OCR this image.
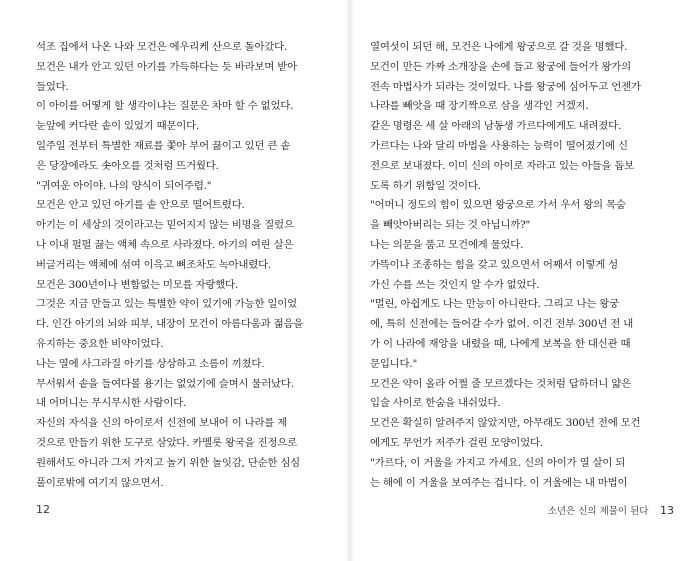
석조 집에서 나온 나와 모건은 에우리케 산으로 돌아갔다.
모건은 내가 안고 있던 아기를 가득하다는 듯 바라보며 받아
들었다.
이 아이를 어떻게 할 생각이냐는 질문은 차마 할 수 없었다.
눈앞에 커다란 솥이 있었기 때문이다.
일주일 전부터 특별한 재료를 쫓아 부어 끓이고 있던 큰 솥
은 당장에라도 솟아오를 것처럼 뜨거웠다.
"귀여운 아이야. 나의 양식이 되어주렴."
모건은 안고 있던 아기를 솥 안으로 떨어트렸다.
아기는 이 세상의 것이라고는 믿어지지 않는 비명을 질렀으
나 이내 펄펄 끓는 액체 속으로 사라졌다. 아기의 여린 살은
버글거리는 액체에 섞여 이윽고 뼈조차도 녹아내렸다.
모건은 300년이나 변함없는 미모를 자랑했다.
그것은 지금 만들고 있는 특별한 약이 있기에 가능한 일이었
다. 인간 아기의 뇌와 피부, 내장이 모건이 아름다움과 젊음을
유지하는 중요한 비약이었다.
나는 열에 사그라질 아기를 상상하고 소름이 끼쳤다.
무서워서 솥을 들여다볼 용기는 없었기에 슬며시 물러났다.
내 어머니는 무시무시한 사람이다.
자신의 자식을 신의 아이로서 신전에 보내어 이 나라를 제
것으로 만들기 위한 도구로 삼았다. 카멜롯 왕국을 진정으로
원해서도 아니라 그저 가지고 놀기 위한 놀잇감, 단순한 심심
풀이로밖에 여기지 않으면서.
12
열여섯이 되던 해, 모건은 나에게 왕궁으로 갈 것을 명했다.
모건이 만든 가짜 소개장을 손에 들고 왕궁에 들어가 왕가의
전속 마법사가 되라는 것이었다. 나를 왕궁에 심어두고 언젠가
나라를 빼앗을 때 장기짝으로 삼을 생각인 거겠지.
같은 명령은 세 살 아래의 남동생 가르다에게도 내려졌다.
가르다는 나와 달리 마법을 사용하는 능력이 떨어졌기에 신
전으로 보내졌다. 이미 신의 아이로 자라고 있는 아들을 돕보
도록 하기 위함일 것이다.
"어머니 정도의 힘이 있으면 왕궁으로 가서 우서 왕의 목숨
을 빼앗아버리는 되는 것 아닙니까?"
나는 의문을 품고 모건에게 물었다.
가뜩이나 조종하는 힘을 갖고 있으면서 어째서 이렇게 성
가신 수를 쓰는 것인지 알 수가 없었다.
"멀린, 아쉽게도 나는 만능이 아니란다. 그리고 나는 왕궁
에, 특히 신전에는 들어갈 수가 없어. 이건 전부 300년 전 내
가 이 나라에 재앙을 내렸을 때, 나에게 보복을 한 대신관 때
문입니다."
모건은 약이 올라 어쩔 줄 모르겠다는 것처럼 답하더니 얇은
입술 사이로 한숨을 내쉬었다.
모건은 확실히 알려주지 않았지만, 아무래도 300년 전에 모건
에게도 무언가 저주가 걸린 모양이었다.
"가르다, 이 거울을 가지고 가세요. 신의 아이가 열 살이 되
는 해에 이 거울을 보여주는 겁니다. 이 거울에는 내 마법이
소년은 신의 제물이 된다 13
